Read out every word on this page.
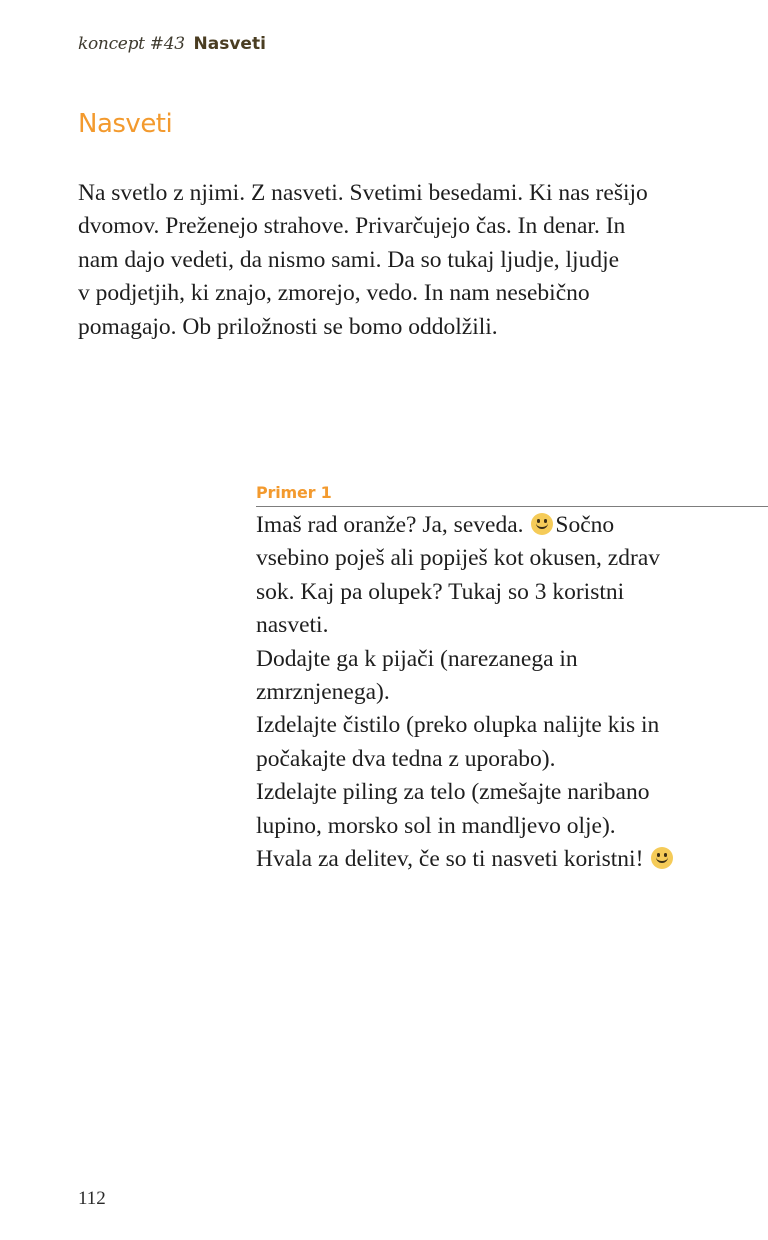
koncept #43 Nasveti
Nasveti

Na svetlo z njimi. Z nasveti. Svetimi besedami. Ki nas rešijo
dvomov. Preženejo strahove. Privarčujejo čas. In denar. In
nam dajo vedeti, da nismo sami. Da so tukaj ljudje, ljudje
v podjetjih, ki znajo, zmorejo, vedo. In nam nesebično
pomagajo. Ob priložnosti se bomo oddolžili.

Primer 1
Imaš rad oranže? Ja, seveda. Sočno
vsebino poješ ali popiješ kot okusen, zdrav
sok. Kaj pa olupek? Tukaj so 3 koristni
nasveti.
Dodajte ga k pijači (narezanega in
zmrznjenega).
Izdelajte čistilo (preko olupka nalijte kis in
počakajte dva tedna z uporabo).
Izdelajte piling za telo (zmešajte naribano
lupino, morsko sol in mandljevo olje).
Hvala za delitev, če so ti nasveti koristni!
112
